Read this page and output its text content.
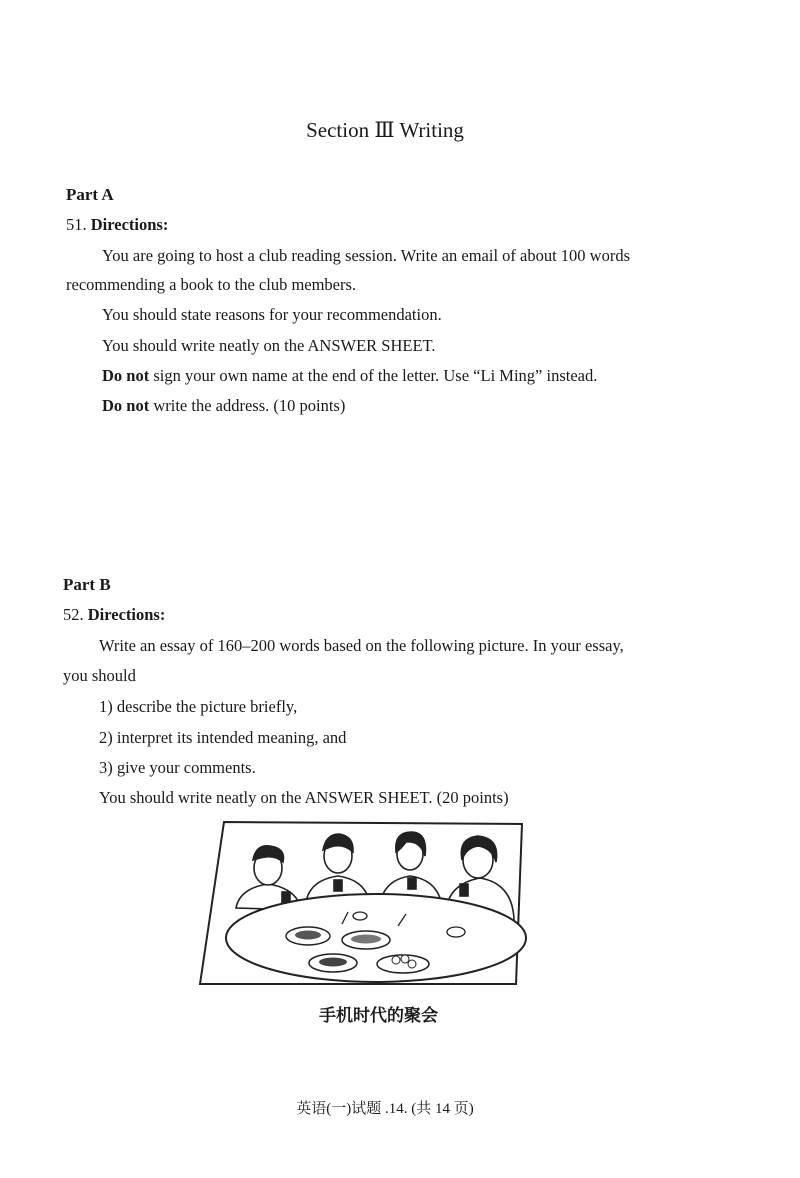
Section Ⅲ Writing
Part A
51. Directions:
You are going to host a club reading session. Write an email of about 100 words
recommending a book to the club members.
You should state reasons for your recommendation.
You should write neatly on the ANSWER SHEET.
Do not sign your own name at the end of the letter. Use “Li Ming” instead.
Do not write the address. (10 points)
Part B
52. Directions:
Write an essay of 160–200 words based on the following picture. In your essay,
you should
1) describe the picture briefly,
2) interpret its intended meaning, and
3) give your comments.
You should write neatly on the ANSWER SHEET. (20 points)
手机时代的聚会
英语(一)试题 .14. (共 14 页)
